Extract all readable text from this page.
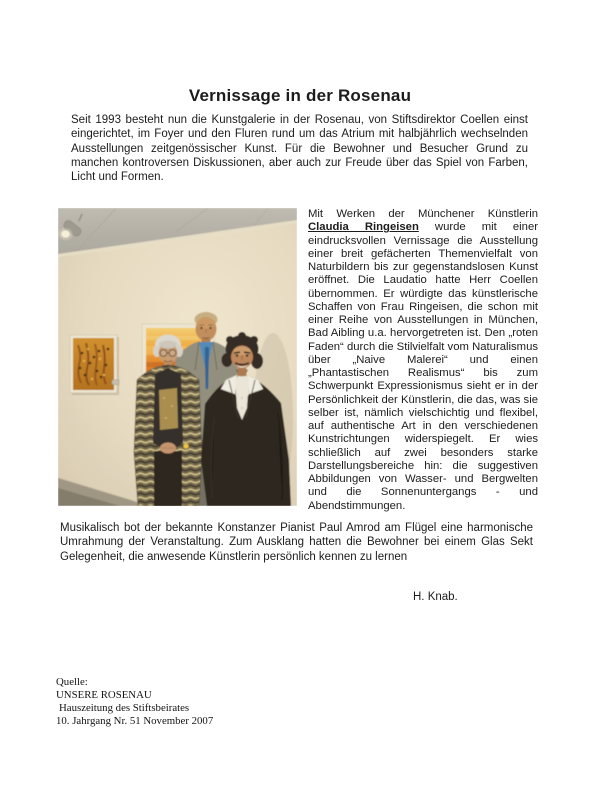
Vernissage in der Rosenau

Seit 1993 besteht nun die Kunstgalerie in der Rosenau, von Stiftsdirektor Coellen einst eingerichtet, im Foyer und den Fluren rund um das Atrium mit halbjährlich wechselnden Ausstellungen zeitgenössischer Kunst. Für die Bewohner und Besucher Grund zu manchen kontroversen Diskussionen, aber auch zur Freude über das Spiel von Farben, Licht und Formen.

Mit Werken der Münchener Künstlerin Claudia Ringeisen wurde mit einer eindrucksvollen Vernissage die Ausstellung einer breit gefächerten Themenvielfalt von Naturbildern bis zur gegenstandslosen Kunst eröffnet. Die Laudatio hatte Herr Coellen übernommen. Er würdigte das künstlerische Schaffen von Frau Ringeisen, die schon mit einer Reihe von Ausstellungen in München, Bad Aibling u.a. hervorgetreten ist. Den „roten Faden“ durch die Stilvielfalt vom Naturalismus über „Naive Malerei“ und einen „Phantastischen Realismus“ bis zum Schwerpunkt Expressionismus sieht er in der Persönlichkeit der Künstlerin, die das, was sie selber ist, nämlich vielschichtig und flexibel, auf authentische Art in den verschiedenen Kunstrichtungen widerspiegelt. Er wies schließlich auf zwei besonders starke Darstellungsbereiche hin: die suggestiven Abbildungen von Wasser- und Bergwelten und die Sonnenuntergangs - und Abendstimmungen.

Musikalisch bot der bekannte Konstanzer Pianist Paul Amrod am Flügel eine harmonische Umrahmung der Veranstaltung. Zum Ausklang hatten die Bewohner bei einem Glas Sekt Gelegenheit, die anwesende Künstlerin persönlich kennen zu lernen

H. Knab.
Quelle:
UNSERE ROSENAU
Hauszeitung des Stiftsbeirates
10. Jahrgang Nr. 51 November 2007
